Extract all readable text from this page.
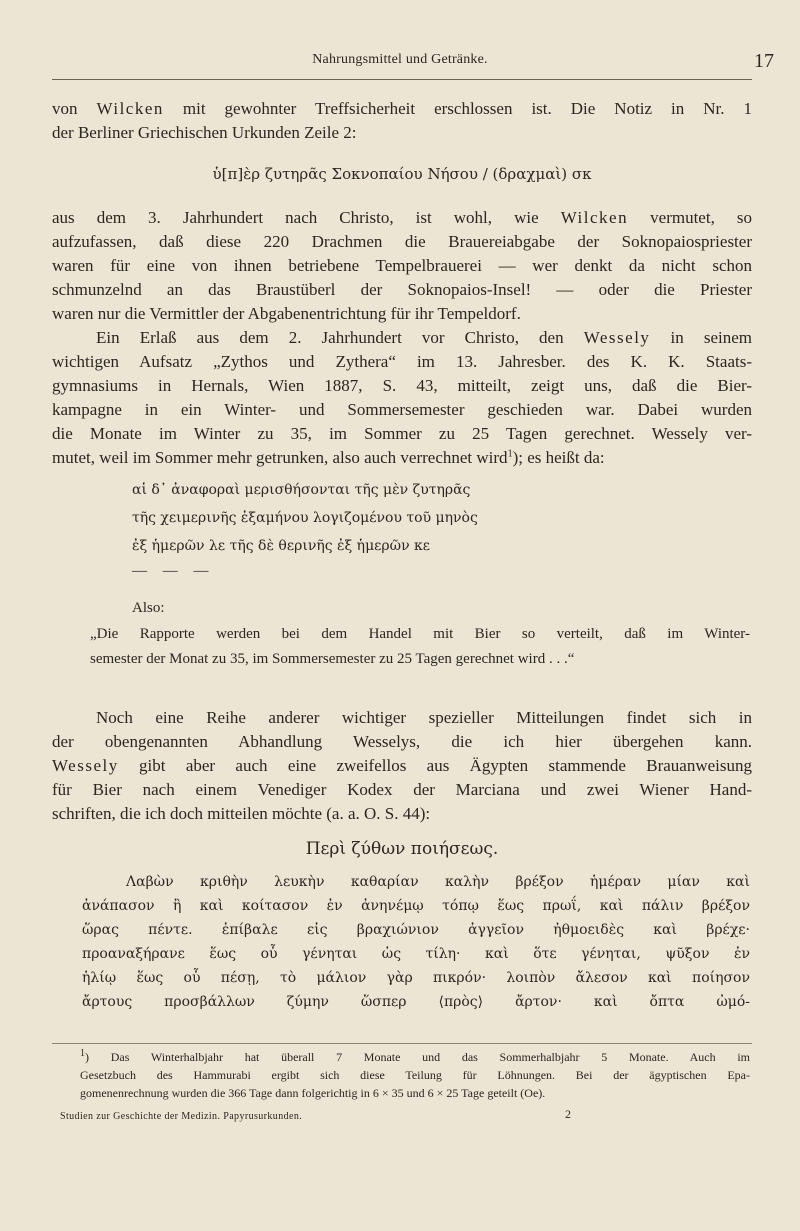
Nahrungsmittel und Getränke.	17
von Wilcken mit gewohnter Treffsicherheit erschlossen ist. Die Notiz in Nr. 1
der Berliner Griechischen Urkunden Zeile 2:
ὑ[π]ὲρ ζυτηρᾶς Σοκνοπαίου Νήσου / (δραχμαὶ) σκ
aus dem 3. Jahrhundert nach Christo, ist wohl, wie Wilcken vermutet, so
aufzufassen, daß diese 220 Drachmen die Brauereiabgabe der Soknopaiospriester
waren für eine von ihnen betriebene Tempelbrauerei — wer denkt da nicht schon
schmunzelnd an das Braustüberl der Soknopaios-Insel! — oder die Priester
waren nur die Vermittler der Abgabenentrichtung für ihr Tempeldorf.
Ein Erlaß aus dem 2. Jahrhundert vor Christo, den Wessely in seinem
wichtigen Aufsatz „Zythos und Zythera“ im 13. Jahresber. des K. K. Staats-
gymnasiums in Hernals, Wien 1887, S. 43, mitteilt, zeigt uns, daß die Bier-
kampagne in ein Winter- und Sommersemester geschieden war. Dabei wurden
die Monate im Winter zu 35, im Sommer zu 25 Tagen gerechnet. Wessely ver-
mutet, weil im Sommer mehr getrunken, also auch verrechnet wird$^1$); es heißt da:
αἱ δ᾽ ἀναφοραὶ μερισθήσονται τῆς μὲν ζυτηρᾶς
τῆς χειμερινῆς ἐξαμήνου λογιζομένου τοῦ μηνὸς
ἐξ ἡμερῶν λε τῆς δὲ θερινῆς ἐξ ἡμερῶν κε
— — —
Also:
„Die Rapporte werden bei dem Handel mit Bier so verteilt, daß im Winter-
semester der Monat zu 35, im Sommersemester zu 25 Tagen gerechnet wird . . .“
Noch eine Reihe anderer wichtiger spezieller Mitteilungen findet sich in
der obengenannten Abhandlung Wesselys, die ich hier übergehen kann.
Wessely gibt aber auch eine zweifellos aus Ägypten stammende Brauanweisung
für Bier nach einem Venediger Kodex der Marciana und zwei Wiener Hand-
schriften, die ich doch mitteilen möchte (a. a. O. S. 44):
Περὶ ζύθων ποιήσεως.
Λαβὼν κριθὴν λευκὴν καθαρίαν καλὴν βρέξον ἡμέραν μίαν καὶ
ἀνάπασον ἢ καὶ κοίτασον ἐν ἀνηνέμῳ τόπῳ ἕως πρωΐ, καὶ πάλιν βρέξον
ὥρας πέντε. ἐπίβαλε εἰς βραχιώνιον ἀγγεῖον ἠθμοειδὲς καὶ βρέχε·
προαναξήρανε ἕως οὗ γένηται ὡς τίλη· καὶ ὅτε γένηται, ψῦξον ἐν
ἡλίῳ ἕως οὗ πέσῃ, τὸ μάλιον γὰρ πικρόν· λοιπὸν ἄλεσον καὶ ποίησον
ἄρτους προσβάλλων ζύμην ὥσπερ ⟨πρὸς⟩ ἄρτον· καὶ ὄπτα ὠμό-
$^1$) Das Winterhalbjahr hat überall 7 Monate und das Sommerhalbjahr 5 Monate. Auch im
Gesetzbuch des Hammurabi ergibt sich diese Teilung für Löhnungen. Bei der ägyptischen Epa-
gomenenrechnung wurden die 366 Tage dann folgerichtig in 6 × 35 und 6 × 25 Tage geteilt (Oe).
Studien zur Geschichte der Medizin. Papyrusurkunden.	2
